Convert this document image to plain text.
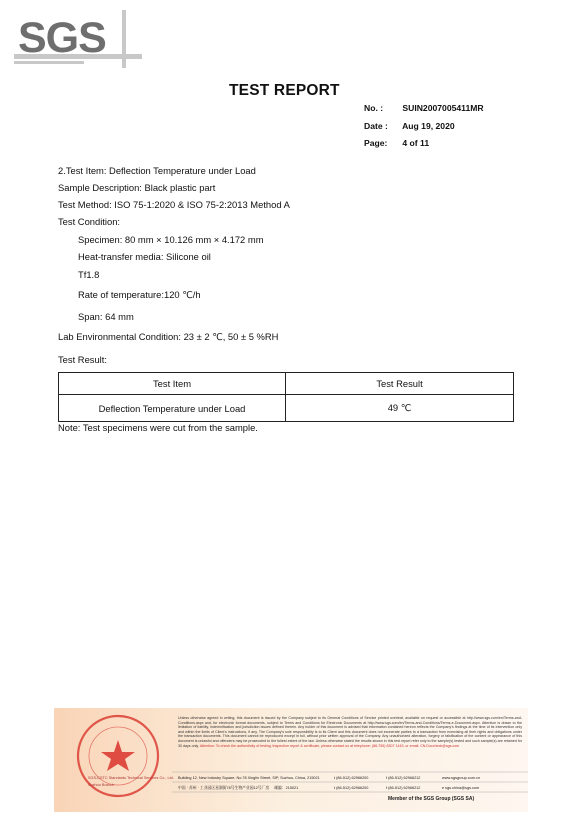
SGS
TEST REPORT
No. : SUIN2007005411MR
Date : Aug 19, 2020
Page: 4 of 11
2.Test Item: Deflection Temperature under Load
Sample Description: Black plastic part
Test Method: ISO 75-1:2020 & ISO 75-2:2013 Method A
Test Condition:
Specimen: 80 mm × 10.126 mm × 4.172 mm
Heat-transfer media: Silicone oil
Tf1.8
Rate of temperature:120 ℃/h
Span: 64 mm
Lab Environmental Condition: 23 ± 2 ℃, 50 ± 5 %RH
Test Result:
Test Item	Test Result
Deflection Temperature under Load	49 ℃
Note: Test specimens were cut from the sample.
SGS-CSTC Standards Technical Services Co., Ltd.
Suzhou Branch
Unless otherwise agreed in writing, this document is issued by the Company subject to its General Conditions of Service printed overleaf, available on request or accessible at http://www.sgs.com/en/Terms-and-Conditions.aspx and, for electronic format documents, subject to Terms and Conditions for Electronic Documents at http://www.sgs.com/en/Terms-and-Conditions/Terms-e-Document.aspx. Attention is drawn to the limitation of liability, indemnification and jurisdiction issues defined therein. Any holder of this document is advised that information contained hereon reflects the Company's findings at the time of its intervention only and within the limits of Client's instructions, if any. The Company's sole responsibility is to its Client and this document does not exonerate parties to a transaction from exercising all their rights and obligations under the transaction documents. This document cannot be reproduced except in full, without prior written approval of the Company. Any unauthorized alteration, forgery or falsification of the content or appearance of this document is unlawful and offenders may be prosecuted to the fullest extent of the law. Unless otherwise stated the results shown in this test report refer only to the sample(s) tested and such sample(s) are retained for 30 days only. Attention: To check the authenticity of testing /inspection report & certificate, please contact us at telephone: (86-755) 8307 1443, or email: CN.Doccheck@sgs.com
Building 12, New Industry Square, No.78 Xinglin Street, SIP, Suzhou, China, 215021
中国 · 苏州 · 工业园区星湖街78号生物产业园12号厂房 邮编：215021
t (86-512) 62966200
t (86-512) 62966200
f (86-512) 62966212
f (86-512) 62966212
www.sgsgroup.com.cn
e sgs.china@sgs.com
Member of the SGS Group (SGS SA)
